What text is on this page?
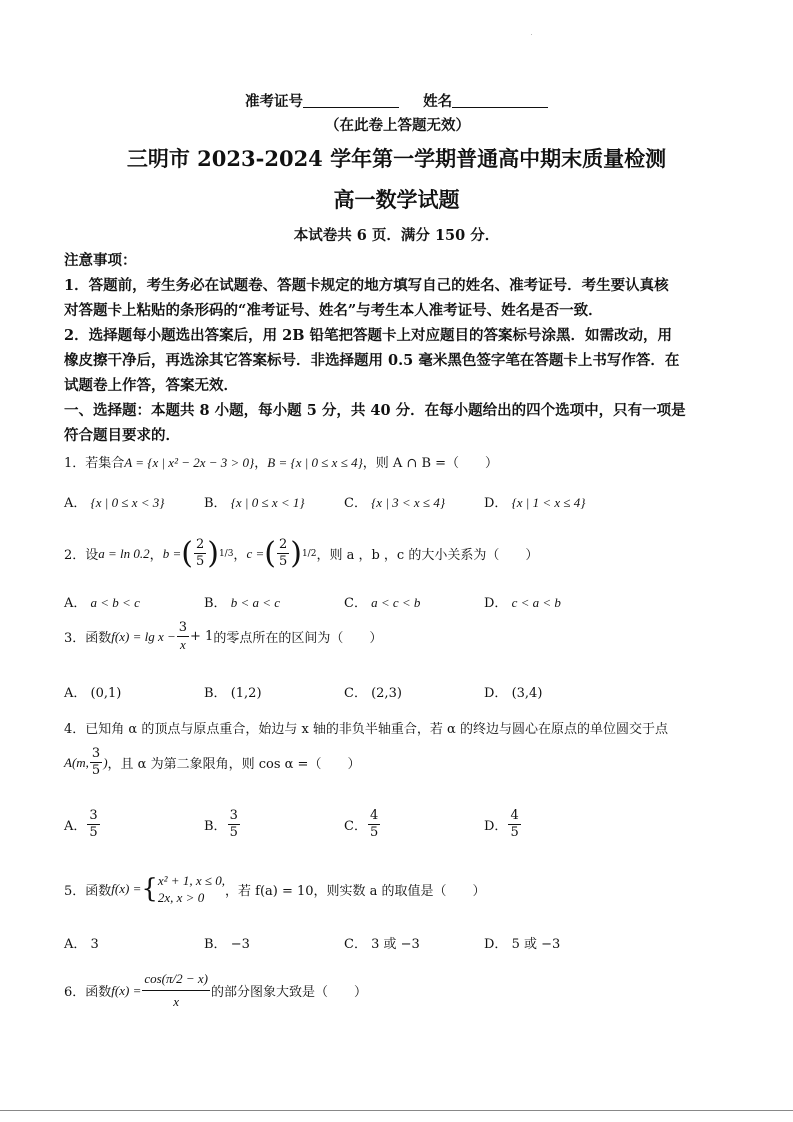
准考证号	姓名
（在此卷上答题无效）
三明市 2023-2024 学年第一学期普通高中期末质量检测
高一数学试题
本试卷共 6 页．满分 150 分．
注意事项：
1．答题前，考生务必在试题卷、答题卡规定的地方填写自己的姓名、准考证号．考生要认真核
对答题卡上粘贴的条形码的“准考证号、姓名”与考生本人准考证号、姓名是否一致．
2．选择题每小题选出答案后，用 2B 铅笔把答题卡上对应题目的答案标号涂黑．如需改动，用
橡皮擦干净后，再选涂其它答案标号．非选择题用 0.5 毫米黑色签字笔在答题卡上书写作答．在
试题卷上作答，答案无效．
一、选择题：本题共 8 小题，每小题 5 分，共 40 分．在每小题给出的四个选项中，只有一项是
符合题目要求的．
1．若集合A = {x | x² − 2x − 3 > 0}，B = {x | 0 ≤ x ≤ 4}，则 A ∩ B =（　　）
A． {x | 0 ≤ x < 3}	B． {x | 0 ≤ x < 1}	C． {x | 3 < x ≤ 4}	D． {x | 1 < x ≤ 4}
2．设 a = ln 0.2 ， b = ( $\frac{2}{5}$ ) 1/3 ， c = ( $\frac{2}{5}$ ) 1/2 ，则 a ，b ，c 的大小关系为（　　）
A． a < b < c	B． b < a < c	C． a < c < b	D． c < a < b
3．函数 $f(x) = \lg x - \frac{3}{x} + 1$ 的零点所在的区间为（　　）
A． (0,1)	B． (1,2)	C． (2,3)	D． (3,4)
4．已知角 α 的顶点与原点重合，始边与 x 轴的非负半轴重合，若 α 的终边与圆心在原点的单位圆交于点
A(m, $\frac{3}{5}$ ) ，且 α 为第二象限角，则 cos α =（　　）
A． $\frac{3}{5}$	B． $\frac{3}{5}$	C． $\frac{4}{5}$	D． $\frac{4}{5}$
5．函数 f(x) = { x² + 1, x ≤ 0,
2x, x > 0	，若 f(a) = 10，则实数 a 的取值是（　　）
A． 3	B． −3	C． 3 或 −3	D． 5 或 −3
6．函数 $f(x) = \frac{\cos(\pi/2 - x)}{x}$ 的部分图象大致是（　　）
